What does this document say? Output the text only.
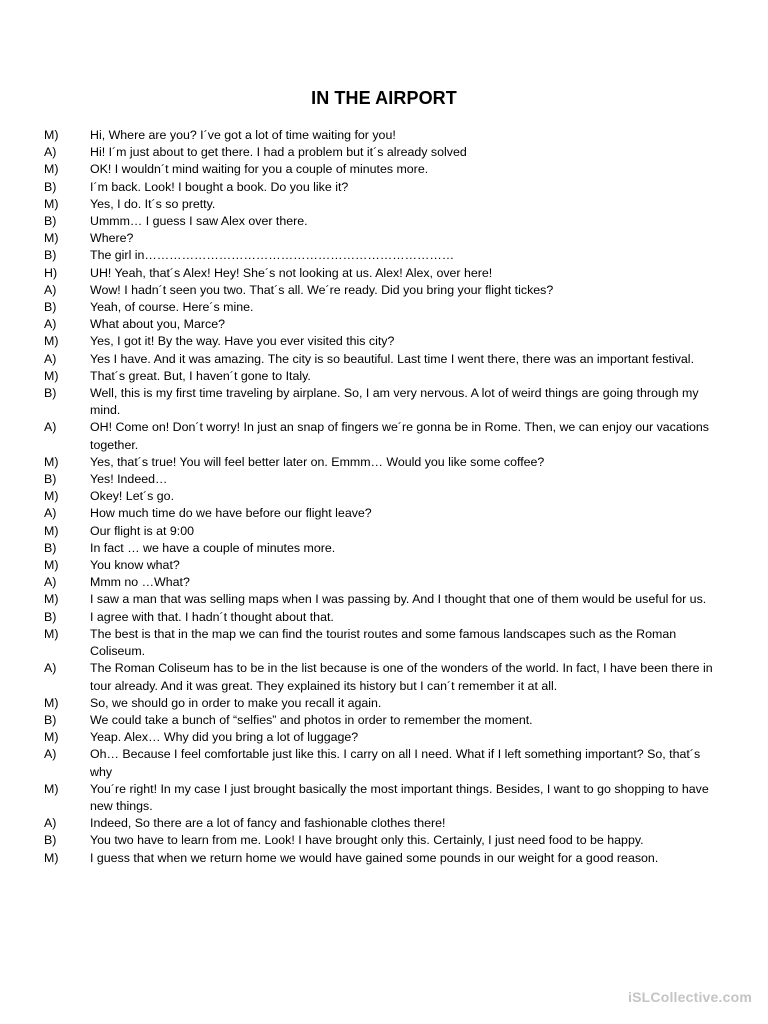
IN THE AIRPORT
M)	Hi, Where are you? I´ve got a lot of time waiting for you!
A)	Hi! I´m just about to get there. I had a problem but it´s already solved
M)	OK! I wouldn´t mind waiting for you a couple of minutes more.
B)	I´m back. Look! I bought a book. Do you like it?
M)	Yes, I do. It´s so pretty.
B)	Ummm… I guess I saw Alex over there.
M)	Where?
B)	The girl in…………………………………………………………………
H)	UH! Yeah, that´s Alex! Hey! She´s not looking at us. Alex! Alex, over here!
A)	Wow! I hadn´t seen you two. That´s all. We´re ready. Did you bring your flight tickes?
B)	Yeah, of course. Here´s mine.
A)	What about you, Marce?
M)	Yes, I got it! By the way. Have you ever visited this city?
A)	Yes I have. And it was amazing. The city is so beautiful. Last time I went there, there was an important festival.
M)	That´s great. But, I haven´t gone to Italy.
B)	Well, this is my first time traveling by airplane. So, I am very nervous. A lot of weird things are going through my mind.
A)	OH! Come on! Don´t worry! In just an snap of fingers we´re gonna be in Rome. Then, we can enjoy our vacations together.
M)	Yes, that´s true! You will feel better later on. Emmm… Would you like some coffee?
B)	Yes! Indeed…
M)	Okey! Let´s go.
A)	How much time do we have before our flight leave?
M)	Our flight is at 9:00
B)	In fact … we have a couple of minutes more.
M)	You know what?
A)	Mmm no …What?
M)	I saw a man that was selling maps when I was passing by. And I thought that one of them would be useful for us.
B)	I agree with that. I hadn´t thought about that.
M)	The best is that in the map we can find the tourist routes and some famous landscapes such as the Roman Coliseum.
A)	The Roman Coliseum has to be in the list because is one of the wonders of the world. In fact, I have been there in tour already. And it was great. They explained its history but I can´t remember it at all.
M)	So, we should go in order to make you recall it again.
B)	We could take a bunch of “selfies” and photos in order to remember the moment.
M)	Yeap. Alex… Why did you bring a lot of luggage?
A)	Oh… Because I feel comfortable just like this. I carry on all I need. What if I left something important? So, that´s why
M)	You´re right! In my case I just brought basically the most important things. Besides, I want to go shopping to have new things.
A)	Indeed, So there are a lot of fancy and fashionable clothes there!
B)	You two have to learn from me. Look! I have brought only this. Certainly, I just need food to be happy.
M)	I guess that when we return home we would have gained some pounds in our weight for a good reason.
iSLCollective.com
